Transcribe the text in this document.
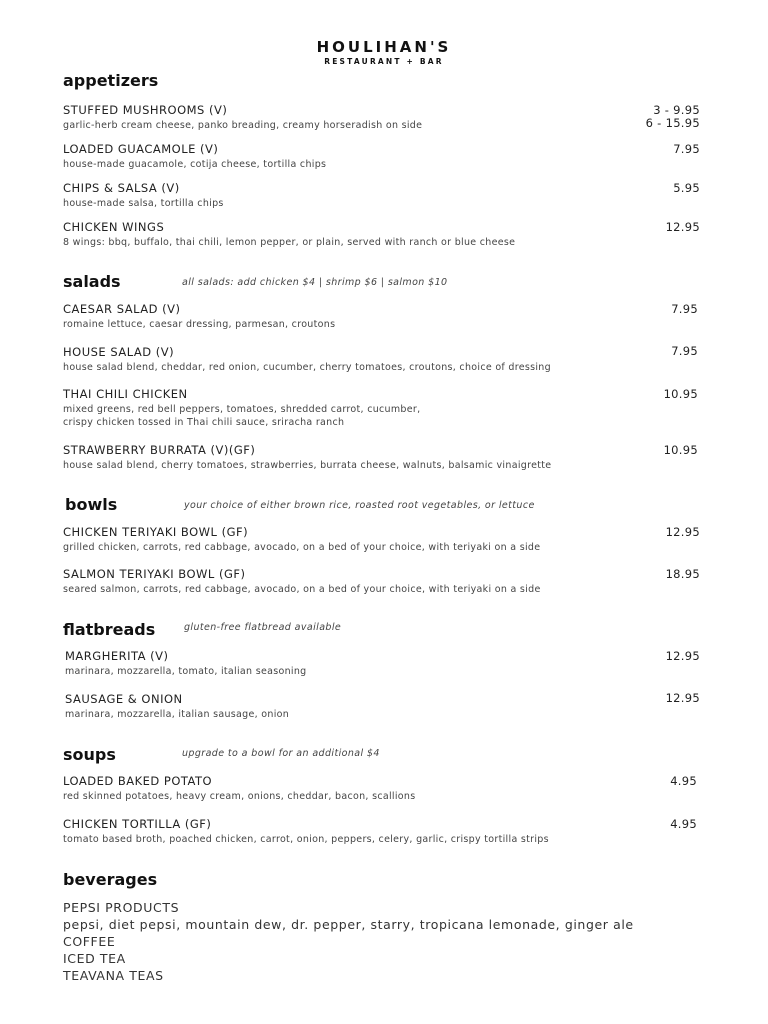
HOULIHAN'S
RESTAURANT + BAR
appetizers
STUFFED MUSHROOMS (V)
garlic-herb cream cheese, panko breading, creamy horseradish on side
3 - 9.95
6 - 15.95
LOADED GUACAMOLE (V)
house-made guacamole, cotija cheese, tortilla chips
7.95
CHIPS & SALSA (V)
house-made salsa, tortilla chips
5.95
CHICKEN WINGS
8 wings: bbq, buffalo, thai chili, lemon pepper, or plain, served with ranch or blue cheese
12.95
salads	all salads: add chicken $4 | shrimp $6 | salmon $10
CAESAR SALAD (V)
romaine lettuce, caesar dressing, parmesan, croutons
7.95
HOUSE SALAD (V)
house salad blend, cheddar, red onion, cucumber, cherry tomatoes, croutons, choice of dressing
7.95
THAI CHILI CHICKEN
mixed greens, red bell peppers, tomatoes, shredded carrot, cucumber,
crispy chicken tossed in Thai chili sauce, sriracha ranch
10.95
STRAWBERRY BURRATA (V)(GF)
house salad blend, cherry tomatoes, strawberries, burrata cheese, walnuts, balsamic vinaigrette
10.95
bowls	your choice of either brown rice, roasted root vegetables, or lettuce
CHICKEN TERIYAKI BOWL (GF)
grilled chicken, carrots, red cabbage, avocado, on a bed of your choice, with teriyaki on a side
12.95
SALMON TERIYAKI BOWL (GF)
seared salmon, carrots, red cabbage, avocado, on a bed of your choice, with teriyaki on a side
18.95
flatbreads	gluten-free flatbread available
MARGHERITA (V)
marinara, mozzarella, tomato, italian seasoning
12.95
SAUSAGE & ONION
marinara, mozzarella, italian sausage, onion
12.95
soups	upgrade to a bowl for an additional $4
LOADED BAKED POTATO
red skinned potatoes, heavy cream, onions, cheddar, bacon, scallions
4.95
CHICKEN TORTILLA (GF)
tomato based broth, poached chicken, carrot, onion, peppers, celery, garlic, crispy tortilla strips
4.95
beverages
PEPSI PRODUCTS
pepsi, diet pepsi, mountain dew, dr. pepper, starry, tropicana lemonade, ginger ale
COFFEE
ICED TEA
TEAVANA TEAS
